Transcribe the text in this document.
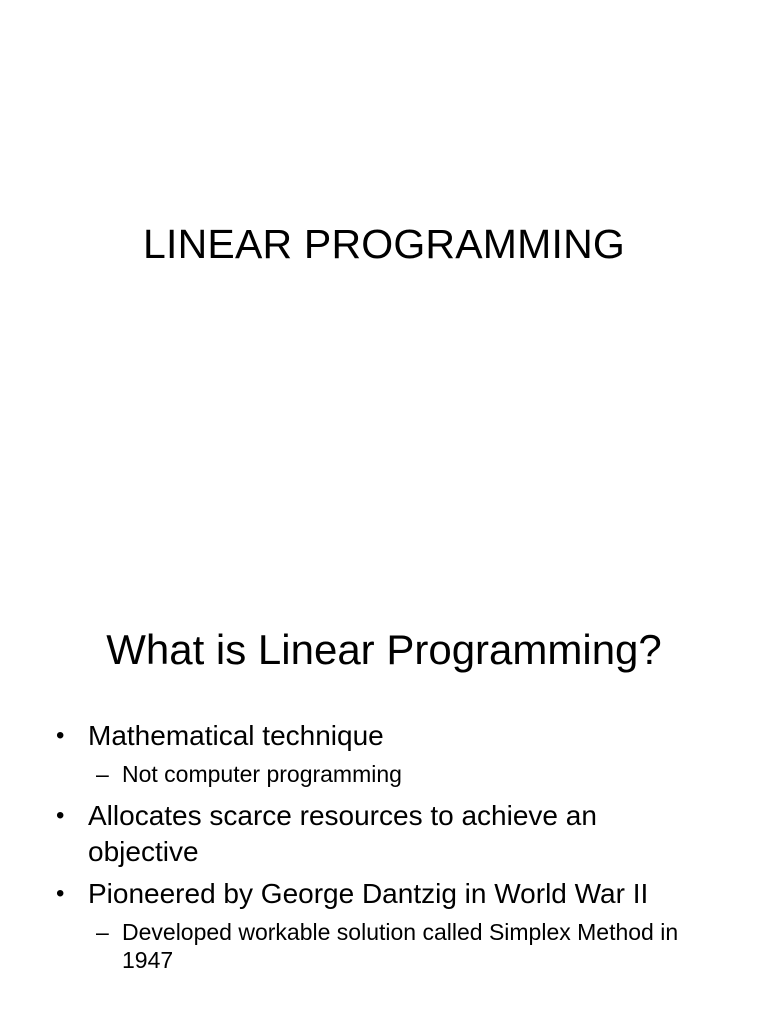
LINEAR PROGRAMMING
What is Linear Programming?
• Mathematical technique
– Not computer programming
• Allocates scarce resources to achieve an objective
• Pioneered by George Dantzig in World War II
– Developed workable solution called Simplex Method in 1947
